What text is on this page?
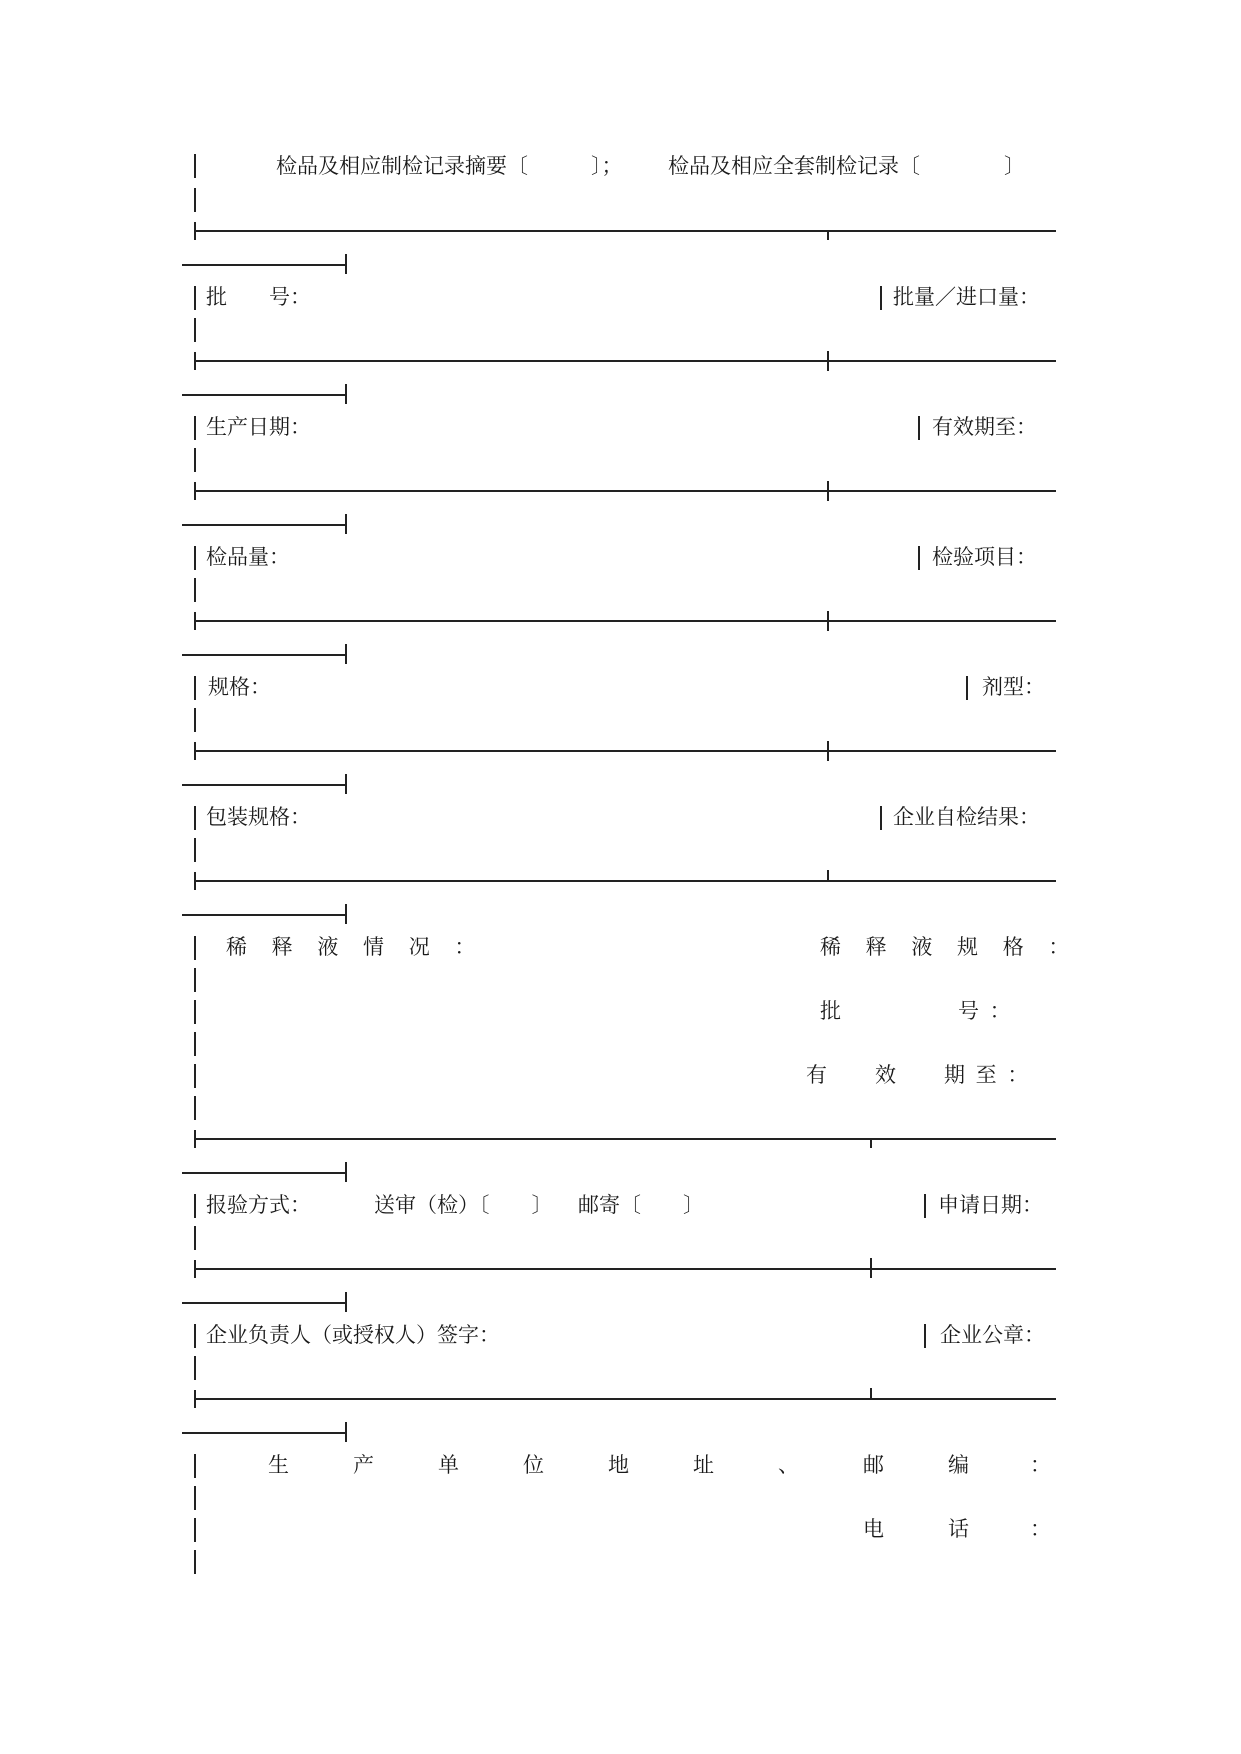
检品及相应制检记录摘要〔　　　〕； 检品及相应全套制检记录〔　　　　〕
批　　号：	批量／进口量：
生产日期：	有效期至：
检品量：	检验项目：
规格：	剂型：
包装规格：	企业自检结果：
稀 释 液 情 况 ：	稀 释 液 规 格 ：
批　　　　　号 ：
有　　效　　期 至 ：
报验方式：	送审（检）〔　　〕 邮寄〔　　〕	申请日期：
企业负责人（或授权人）签字：	企业公章：
生	产	单	位	地	址	、	邮	编	：
电	话	：
